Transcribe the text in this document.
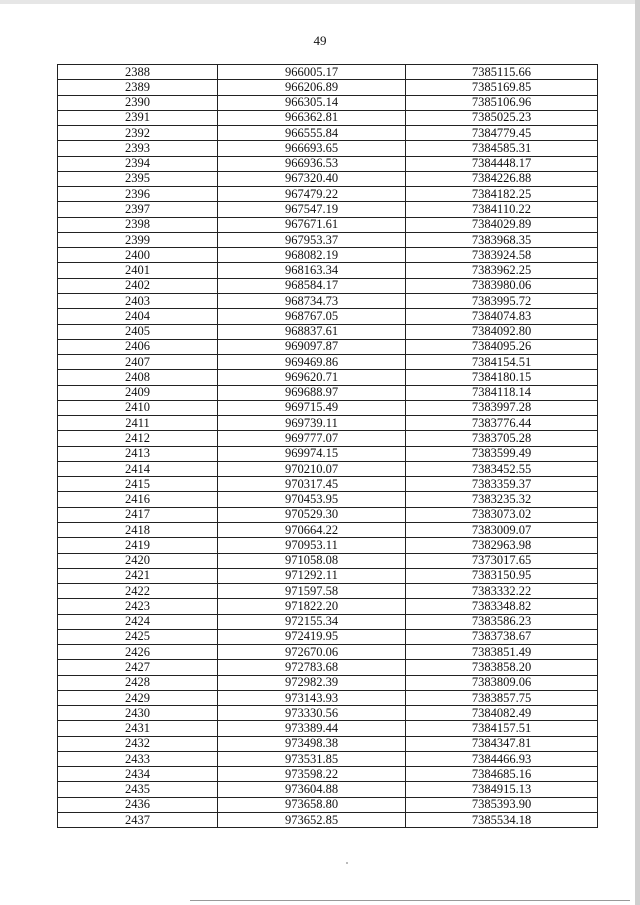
49
2388	966005.17	7385115.66
2389	966206.89	7385169.85
2390	966305.14	7385106.96
2391	966362.81	7385025.23
2392	966555.84	7384779.45
2393	966693.65	7384585.31
2394	966936.53	7384448.17
2395	967320.40	7384226.88
2396	967479.22	7384182.25
2397	967547.19	7384110.22
2398	967671.61	7384029.89
2399	967953.37	7383968.35
2400	968082.19	7383924.58
2401	968163.34	7383962.25
2402	968584.17	7383980.06
2403	968734.73	7383995.72
2404	968767.05	7384074.83
2405	968837.61	7384092.80
2406	969097.87	7384095.26
2407	969469.86	7384154.51
2408	969620.71	7384180.15
2409	969688.97	7384118.14
2410	969715.49	7383997.28
2411	969739.11	7383776.44
2412	969777.07	7383705.28
2413	969974.15	7383599.49
2414	970210.07	7383452.55
2415	970317.45	7383359.37
2416	970453.95	7383235.32
2417	970529.30	7383073.02
2418	970664.22	7383009.07
2419	970953.11	7382963.98
2420	971058.08	7373017.65
2421	971292.11	7383150.95
2422	971597.58	7383332.22
2423	971822.20	7383348.82
2424	972155.34	7383586.23
2425	972419.95	7383738.67
2426	972670.06	7383851.49
2427	972783.68	7383858.20
2428	972982.39	7383809.06
2429	973143.93	7383857.75
2430	973330.56	7384082.49
2431	973389.44	7384157.51
2432	973498.38	7384347.81
2433	973531.85	7384466.93
2434	973598.22	7384685.16
2435	973604.88	7384915.13
2436	973658.80	7385393.90
2437	973652.85	7385534.18
